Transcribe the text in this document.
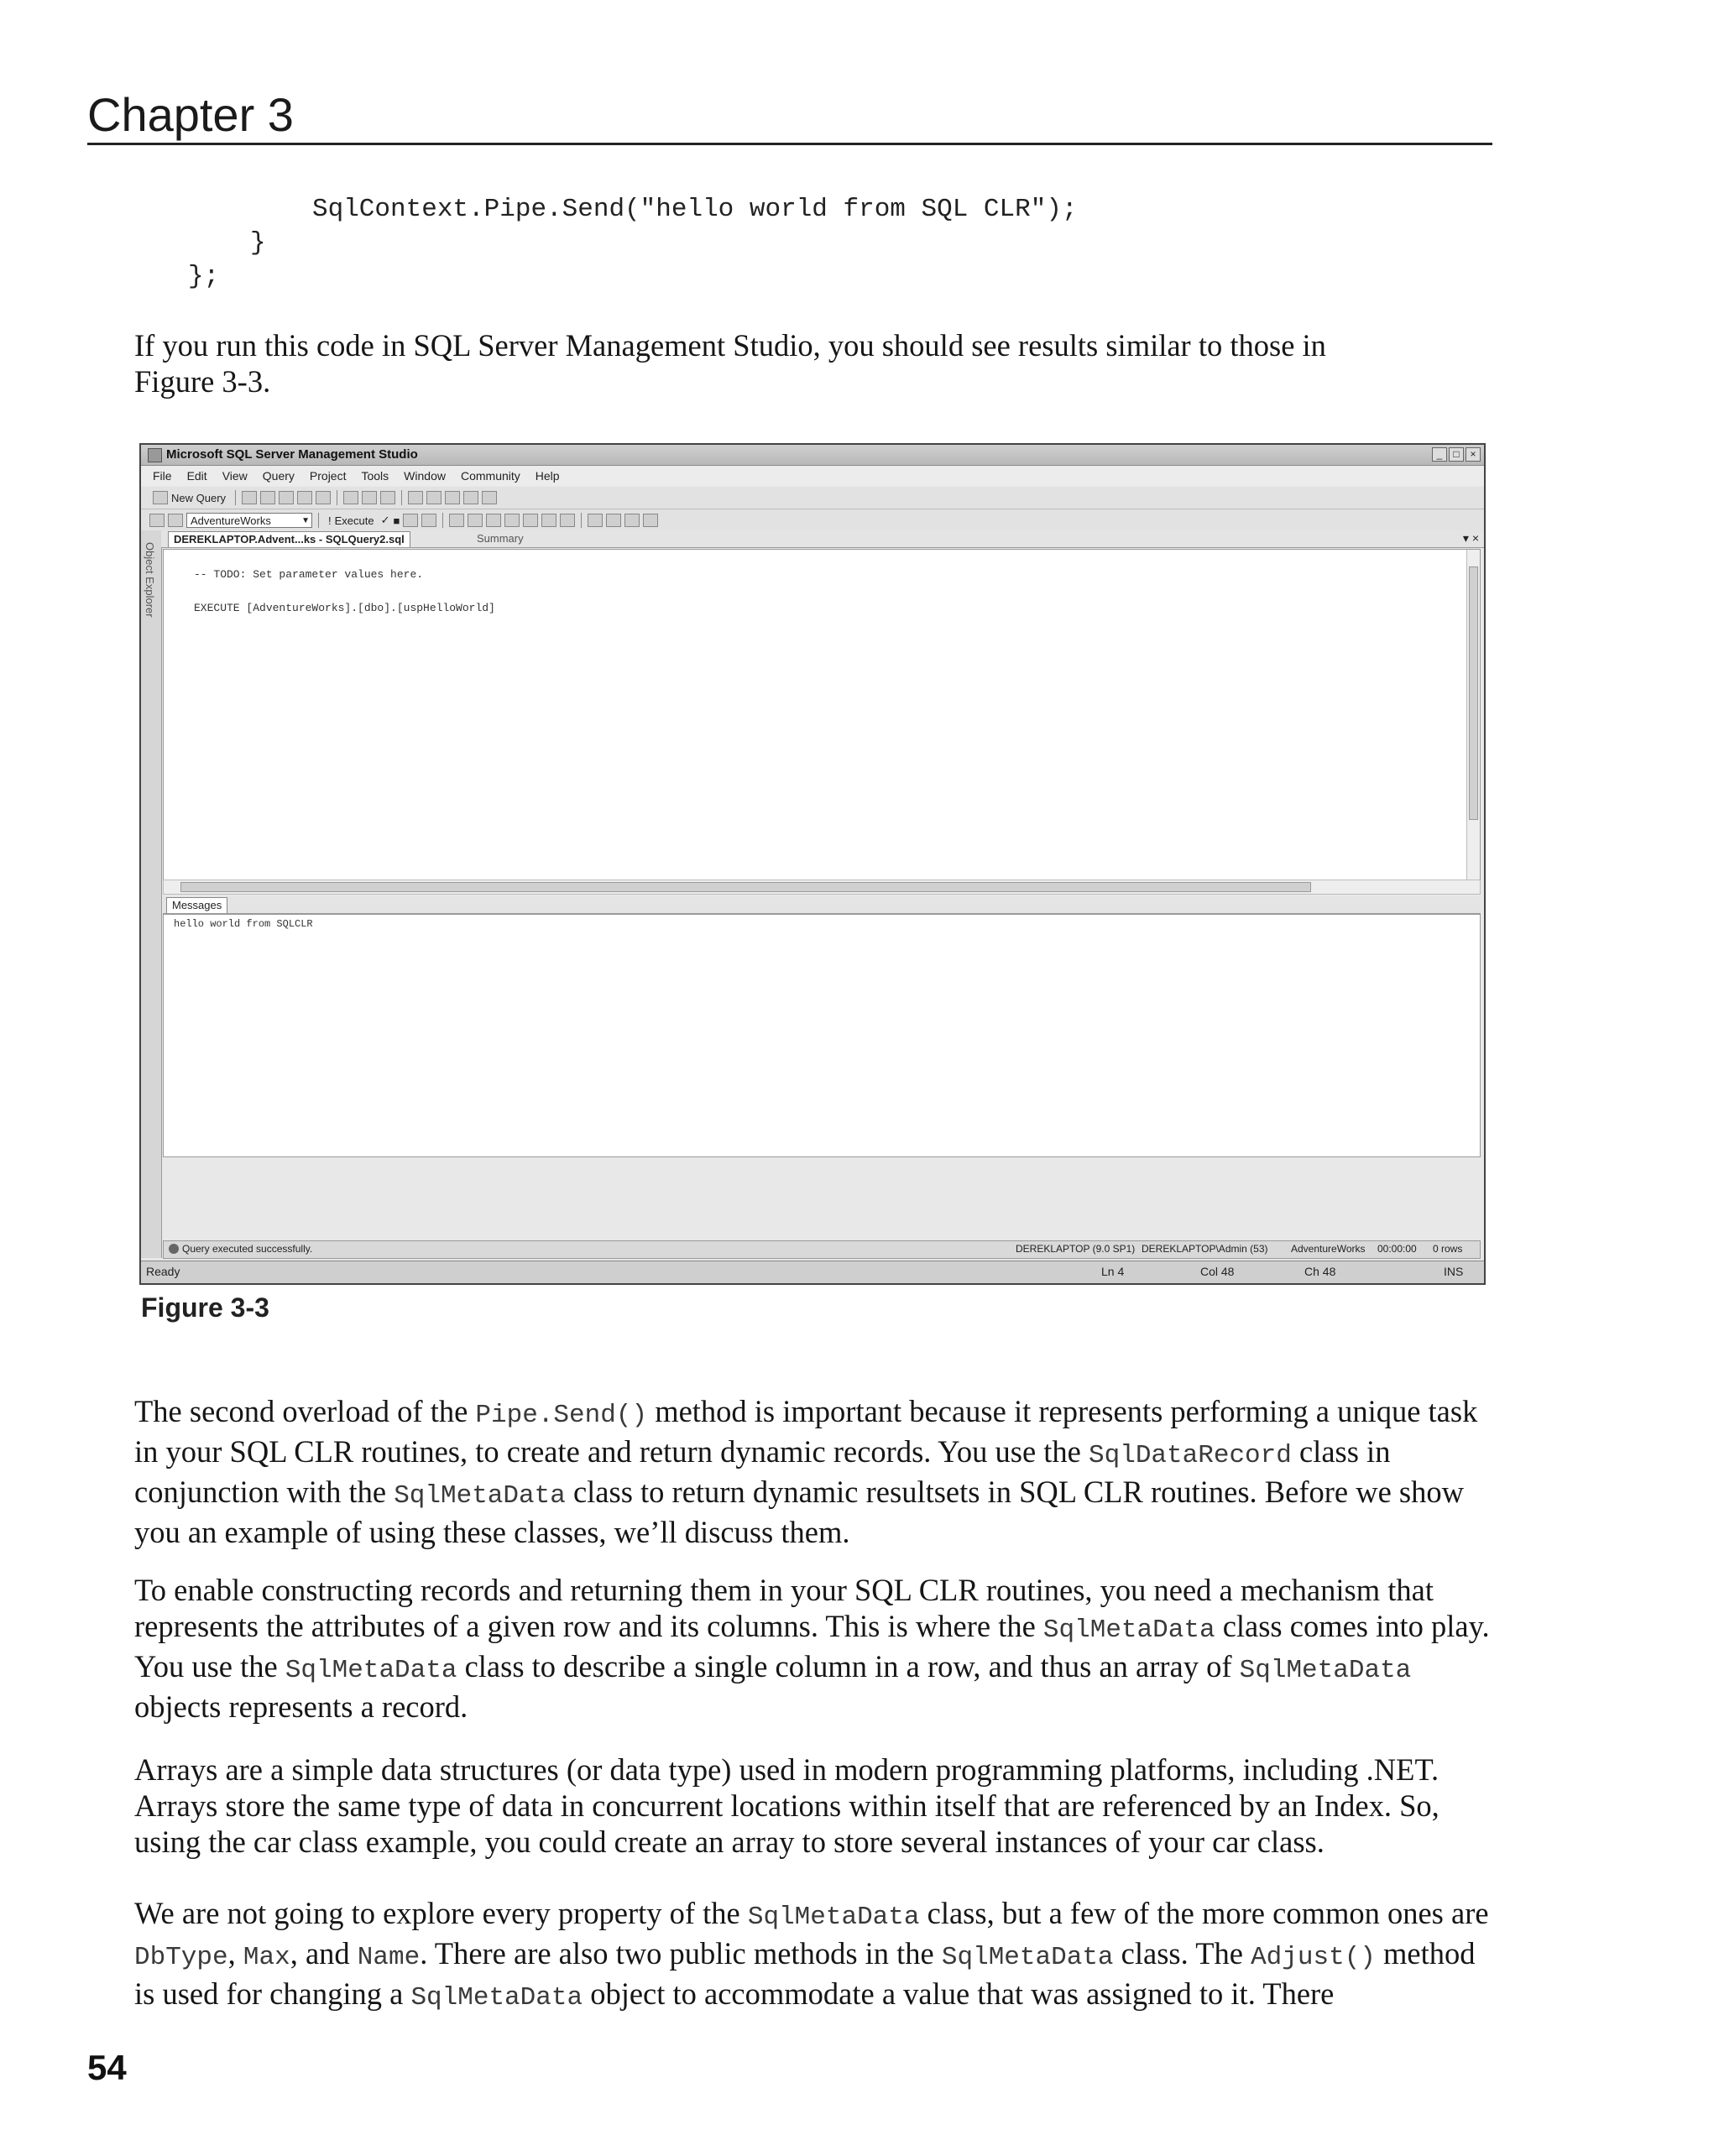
Chapter 3
SqlContext.Pipe.Send("hello world from SQL CLR");
}
};

If you run this code in SQL Server Management Studio, you should see results similar to those in
Figure 3-3.

Microsoft SQL Server Management Studio	_	□	×
File Edit View Query Project Tools Window Community Help
New Query
AdventureWorks	▼ ! Execute ✓ ■
Object Explorer
DEREKLAPTOP.Advent...ks - SQLQuery2.sql	Summary	▾ ×
-- TODO: Set parameter values here.
EXECUTE [AdventureWorks].[dbo].[uspHelloWorld]
Messages
hello world from SQLCLR
Query executed successfully.	DEREKLAPTOP (9.0 SP1) DEREKLAPTOP\Admin (53) AdventureWorks 00:00:00 0 rows
Ready	Ln 4	Col 48	Ch 48	INS
Figure 3-3

The second overload of the Pipe.Send() method is important because it represents performing a unique task in your SQL CLR routines, to create and return dynamic records. You use the SqlDataRecord class in conjunction with the SqlMetaData class to return dynamic resultsets in SQL CLR routines. Before we show you an example of using these classes, we’ll discuss them.

To enable constructing records and returning them in your SQL CLR routines, you need a mechanism that represents the attributes of a given row and its columns. This is where the SqlMetaData class comes into play. You use the SqlMetaData class to describe a single column in a row, and thus an array of SqlMetaData objects represents a record.

Arrays are a simple data structures (or data type) used in modern programming platforms, including .NET. Arrays store the same type of data in concurrent locations within itself that are referenced by an Index. So, using the car class example, you could create an array to store several instances of your car class.

We are not going to explore every property of the SqlMetaData class, but a few of the more common ones are DbType, Max, and Name. There are also two public methods in the SqlMetaData class. The Adjust() method is used for changing a SqlMetaData object to accommodate a value that was assigned to it. There

54
